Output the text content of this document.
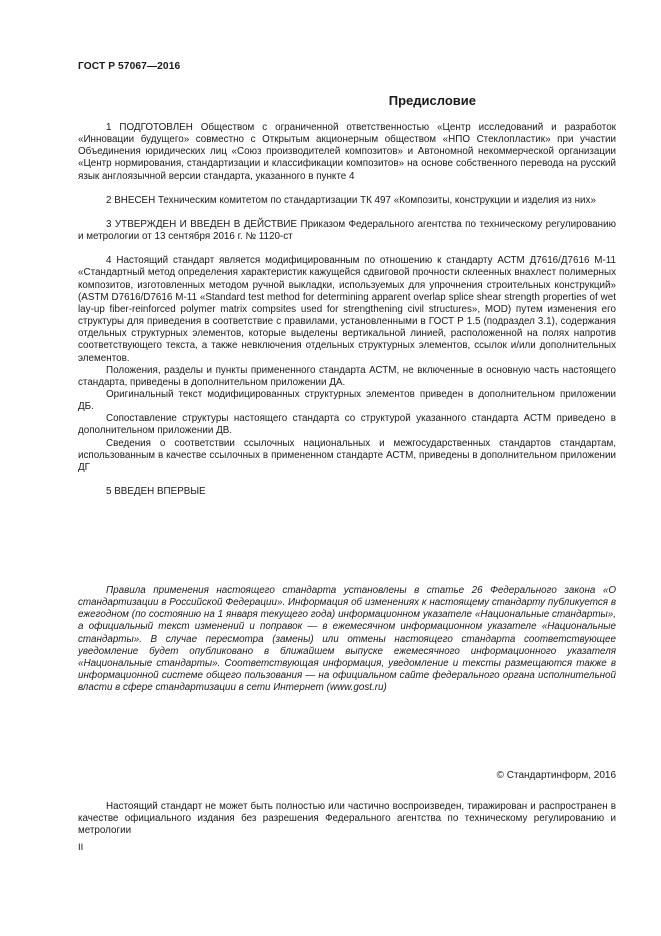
ГОСТ Р 57067—2016
Предисловие

1 ПОДГОТОВЛЕН Обществом с ограниченной ответственностью «Центр исследований и разработок «Инновации будущего» совместно с Открытым акционерным обществом «НПО Стеклопластик» при участии Объединения юридических лиц «Союз производителей композитов» и Автономной некоммерческой организации «Центр нормирования, стандартизации и классификации композитов» на основе собственного перевода на русский язык англоязычной версии стандарта, указанного в пункте 4

2 ВНЕСЕН Техническим комитетом по стандартизации ТК 497 «Композиты, конструкции и изделия из них»

3 УТВЕРЖДЕН И ВВЕДЕН В ДЕЙСТВИЕ Приказом Федерального агентства по техническому регулированию и метрологии от 13 сентября 2016 г. № 1120-ст

4 Настоящий стандарт является модифицированным по отношению к стандарту АСТМ Д7616/Д7616 М-11 «Стандартный метод определения характеристик кажущейся сдвиговой прочности склеенных внахлест полимерных композитов, изготовленных методом ручной выкладки, используемых для упрочнения строительных конструкций» (ASTM D7616/D7616 M-11 «Standard test method for determining apparent overlap splice shear strength properties of wet lay-up fiber-reinforced polymer matrix compsites used for strengthening civil structures», MOD) путем изменения его структуры для приведения в соответствие с правилами, установленными в ГОСТ Р 1.5 (подраздел 3.1), содержания отдельных структурных элементов, которые выделены вертикальной линией, расположенной на полях напротив соответствующего текста, а также невключения отдельных структурных элементов, ссылок и/или дополнительных элементов.

Положения, разделы и пункты примененного стандарта АСТМ, не включенные в основную часть настоящего стандарта, приведены в дополнительном приложении ДА.

Оригинальный текст модифицированных структурных элементов приведен в дополнительном приложении ДБ.

Сопоставление структуры настоящего стандарта со структурой указанного стандарта АСТМ приведено в дополнительном приложении ДВ.

Сведения о соответствии ссылочных национальных и межгосударственных стандартов стандартам, использованным в качестве ссылочных в примененном стандарте АСТМ, приведены в дополнительном приложении ДГ

5 ВВЕДЕН ВПЕРВЫЕ

Правила применения настоящего стандарта установлены в статье 26 Федерального закона «О стандартизации в Российской Федерации». Информация об изменениях к настоящему стандарту публикуется в ежегодном (по состоянию на 1 января текущего года) информационном указателе «Национальные стандарты», а официальный текст изменений и поправок — в ежемесячном информационном указателе «Национальные стандарты». В случае пересмотра (замены) или отмены настоящего стандарта соответствующее уведомление будет опубликовано в ближайшем выпуске ежемесячного информационного указателя «Национальные стандарты». Соответствующая информация, уведомление и тексты размещаются также в информационной системе общего пользования — на официальном сайте федерального органа исполнительной власти в сфере стандартизации в сети Интернет (www.gost.ru)

© Стандартинформ, 2016

Настоящий стандарт не может быть полностью или частично воспроизведен, тиражирован и распространен в качестве официального издания без разрешения Федерального агентства по техническому регулированию и метрологии

II
